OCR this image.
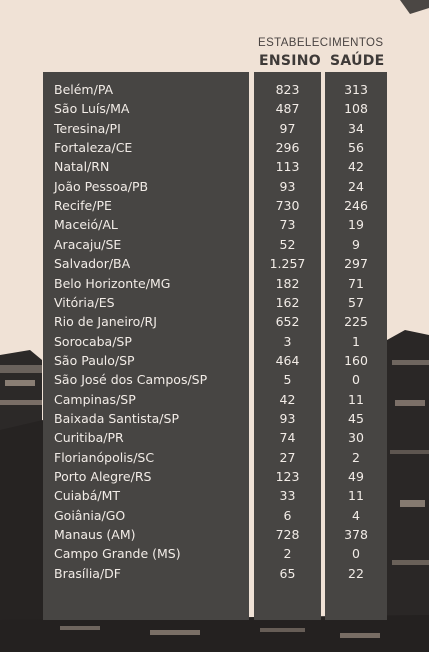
ESTABELECIMENTOS
ENSINO SAÚDE
Belém/PA
São Luís/MA
Teresina/PI
Fortaleza/CE
Natal/RN
João Pessoa/PB
Recife/PE
Maceió/AL
Aracaju/SE
Salvador/BA
Belo Horizonte/MG
Vitória/ES
Rio de Janeiro/RJ
Sorocaba/SP
São Paulo/SP
São José dos Campos/SP
Campinas/SP
Baixada Santista/SP
Curitiba/PR
Florianópolis/SC
Porto Alegre/RS
Cuiabá/MT
Goiânia/GO
Manaus (AM)
Campo Grande (MS)
Brasília/DF
823
487
97
296
113
93
730
73
52
1.257
182
162
652
3
464
5
42
93
74
27
123
33
6
728
2
65
313
108
34
56
42
24
246
19
9
297
71
57
225
1
160
0
11
45
30
2
49
11
4
378
0
22
